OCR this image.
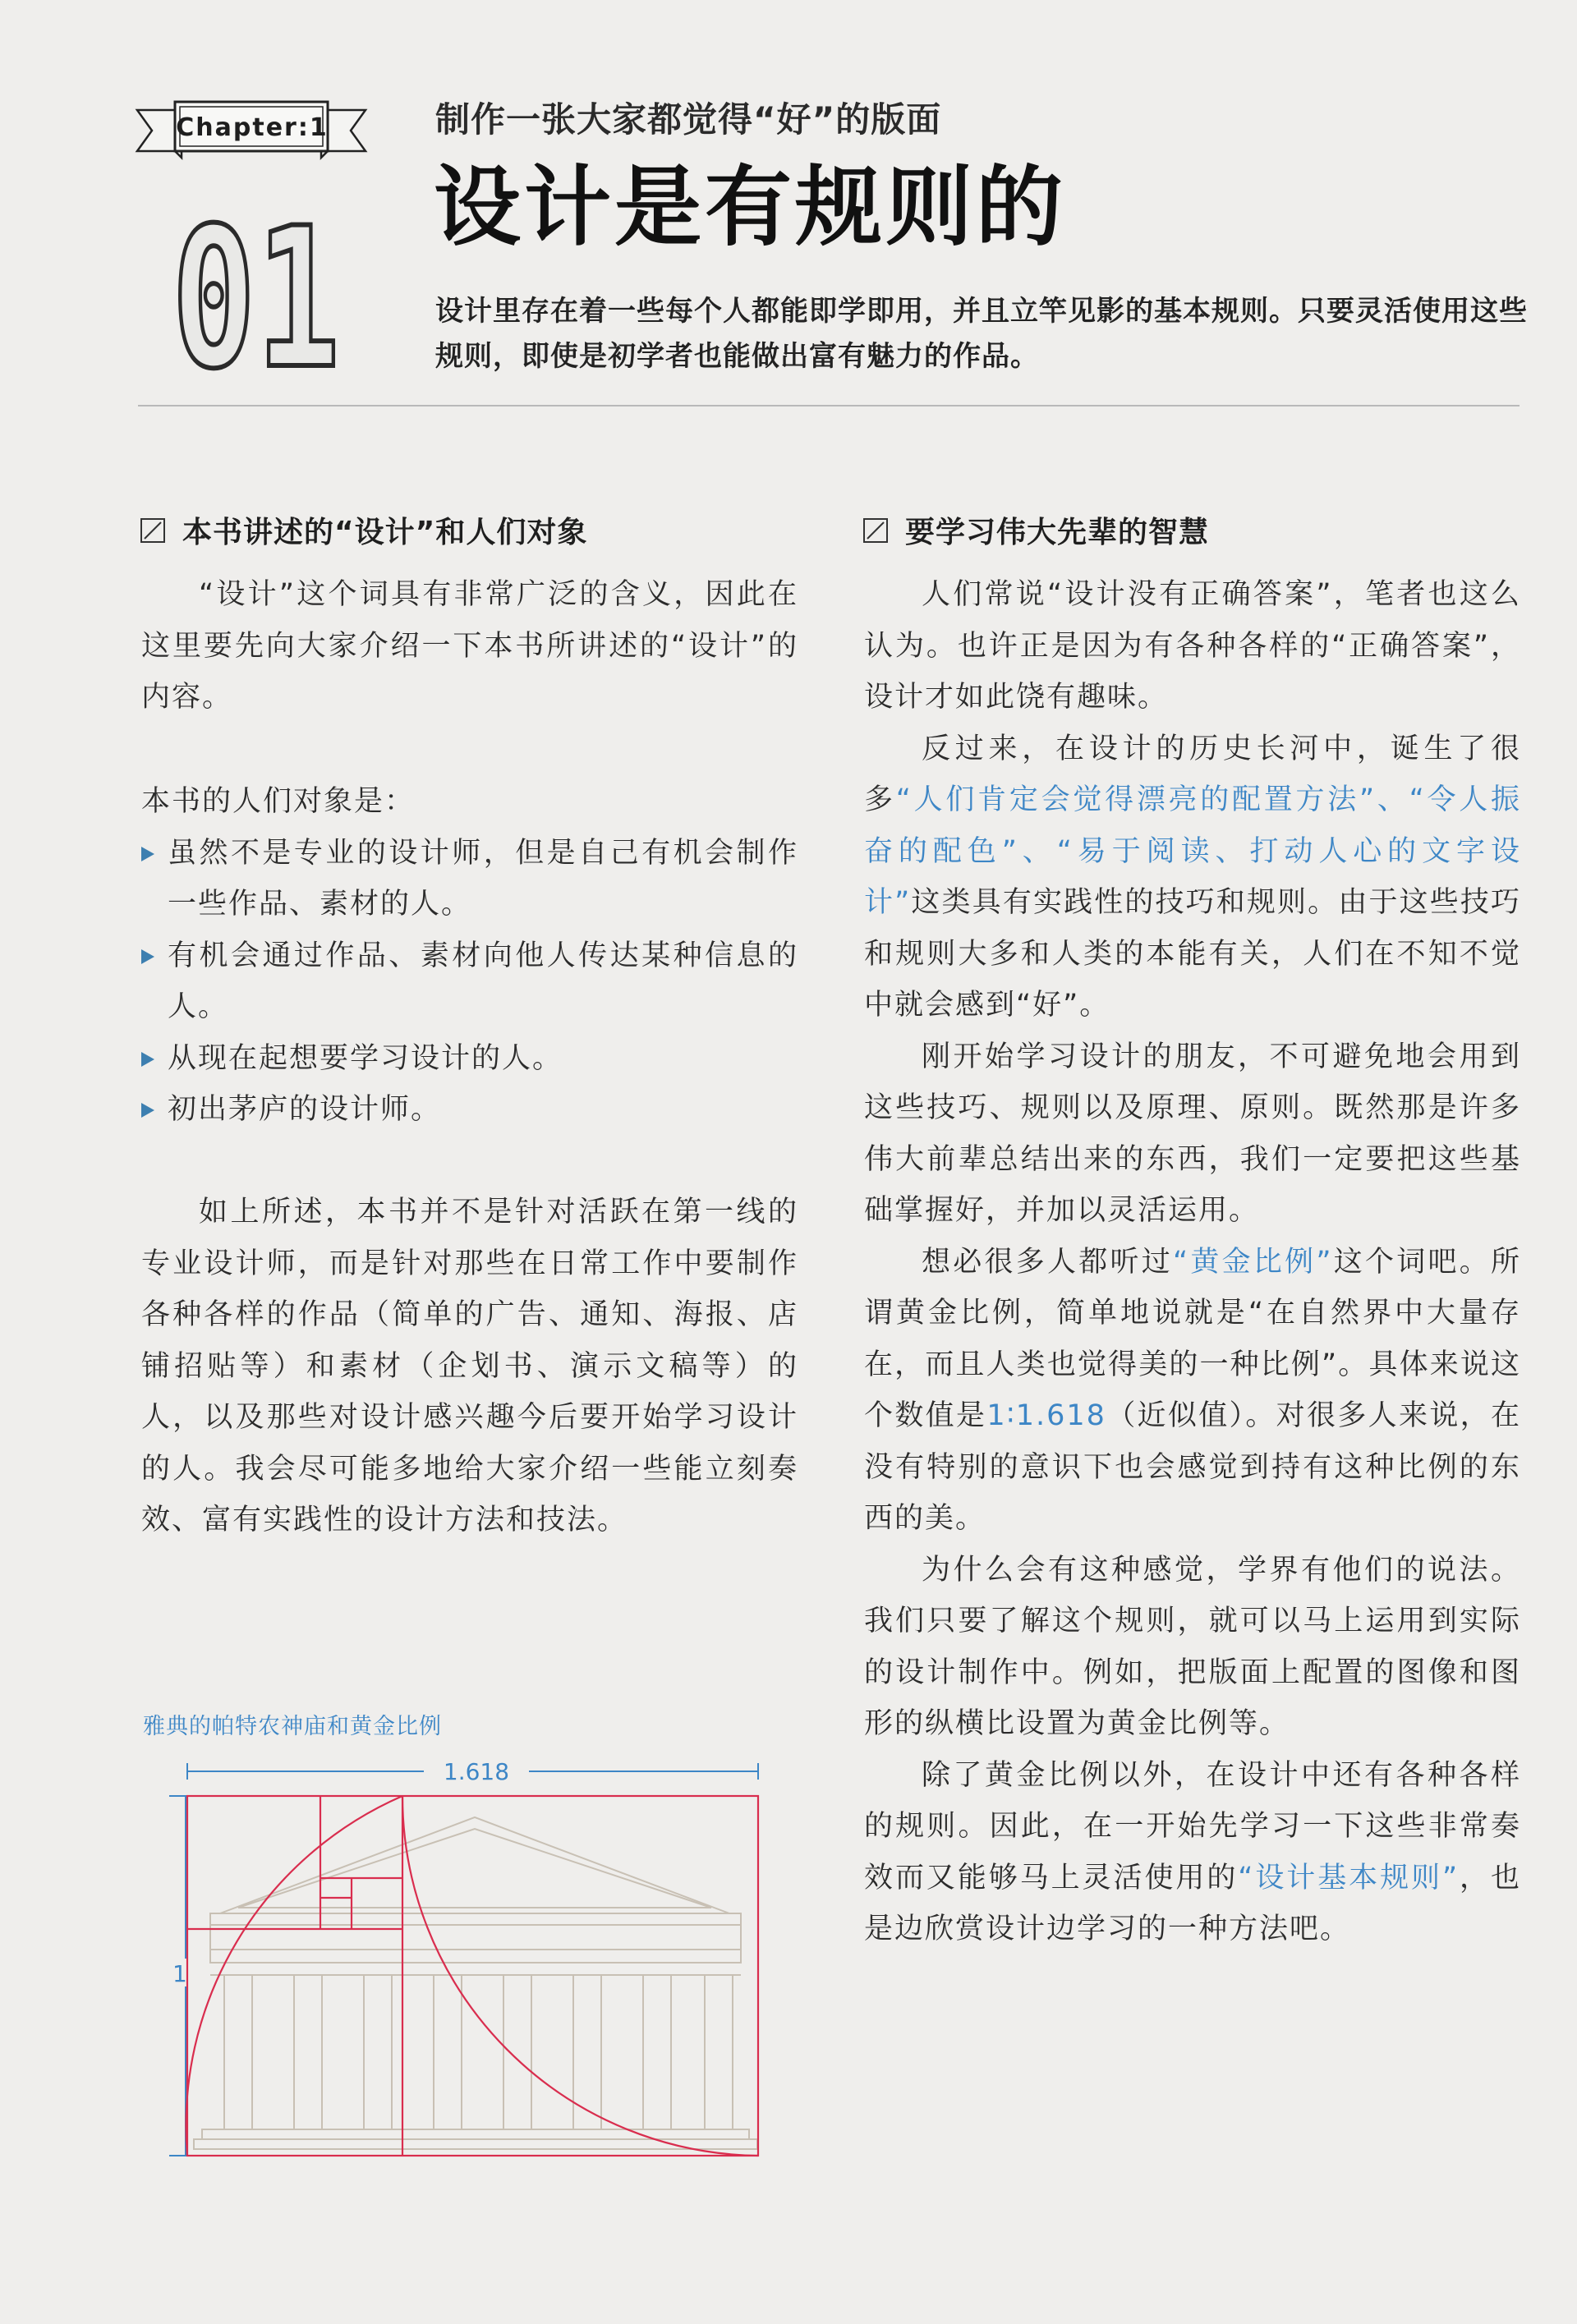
Chapter:1
01
制作一张大家都觉得“好”的版面
设计是有规则的
设计里存在着一些每个人都能即学即用，并且立竿见影的基本规则。只要灵活使用这些规则，即使是初学者也能做出富有魅力的作品。
本书讲述的“设计”和人们对象

“设计”这个词具有非常广泛的含义，因此在这里要先向大家介绍一下本书所讲述的“设计”的内容。

本书的人们对象是：

虽然不是专业的设计师，但是自己有机会制作一些作品、素材的人。
有机会通过作品、素材向他人传达某种信息的人。
从现在起想要学习设计的人。
初出茅庐的设计师。

如上所述，本书并不是针对活跃在第一线的专业设计师，而是针对那些在日常工作中要制作各种各样的作品（简单的广告、通知、海报、店铺招贴等）和素材（企划书、演示文稿等）的人，以及那些对设计感兴趣今后要开始学习设计的人。我会尽可能多地给大家介绍一些能立刻奏效、富有实践性的设计方法和技法。

雅典的帕特农神庙和黄金比例
1.618
1
要学习伟大先辈的智慧

人们常说“设计没有正确答案”，笔者也这么认为。也许正是因为有各种各样的“正确答案”，设计才如此饶有趣味。

反过来，在设计的历史长河中，诞生了很多“人们肯定会觉得漂亮的配置方法”、“令人振奋的配色”、“易于阅读、打动人心的文字设计”这类具有实践性的技巧和规则。由于这些技巧和规则大多和人类的本能有关，人们在不知不觉中就会感到“好”。

刚开始学习设计的朋友，不可避免地会用到这些技巧、规则以及原理、原则。既然那是许多伟大前辈总结出来的东西，我们一定要把这些基础掌握好，并加以灵活运用。

想必很多人都听过“黄金比例”这个词吧。所谓黄金比例，简单地说就是“在自然界中大量存在，而且人类也觉得美的一种比例”。具体来说这个数值是1∶1.618（近似值）。对很多人来说，在没有特别的意识下也会感觉到持有这种比例的东西的美。

为什么会有这种感觉，学界有他们的说法。我们只要了解这个规则，就可以马上运用到实际的设计制作中。例如，把版面上配置的图像和图形的纵横比设置为黄金比例等。

除了黄金比例以外，在设计中还有各种各样的规则。因此，在一开始先学习一下这些非常奏效而又能够马上灵活使用的“设计基本规则”，也是边欣赏设计边学习的一种方法吧。
